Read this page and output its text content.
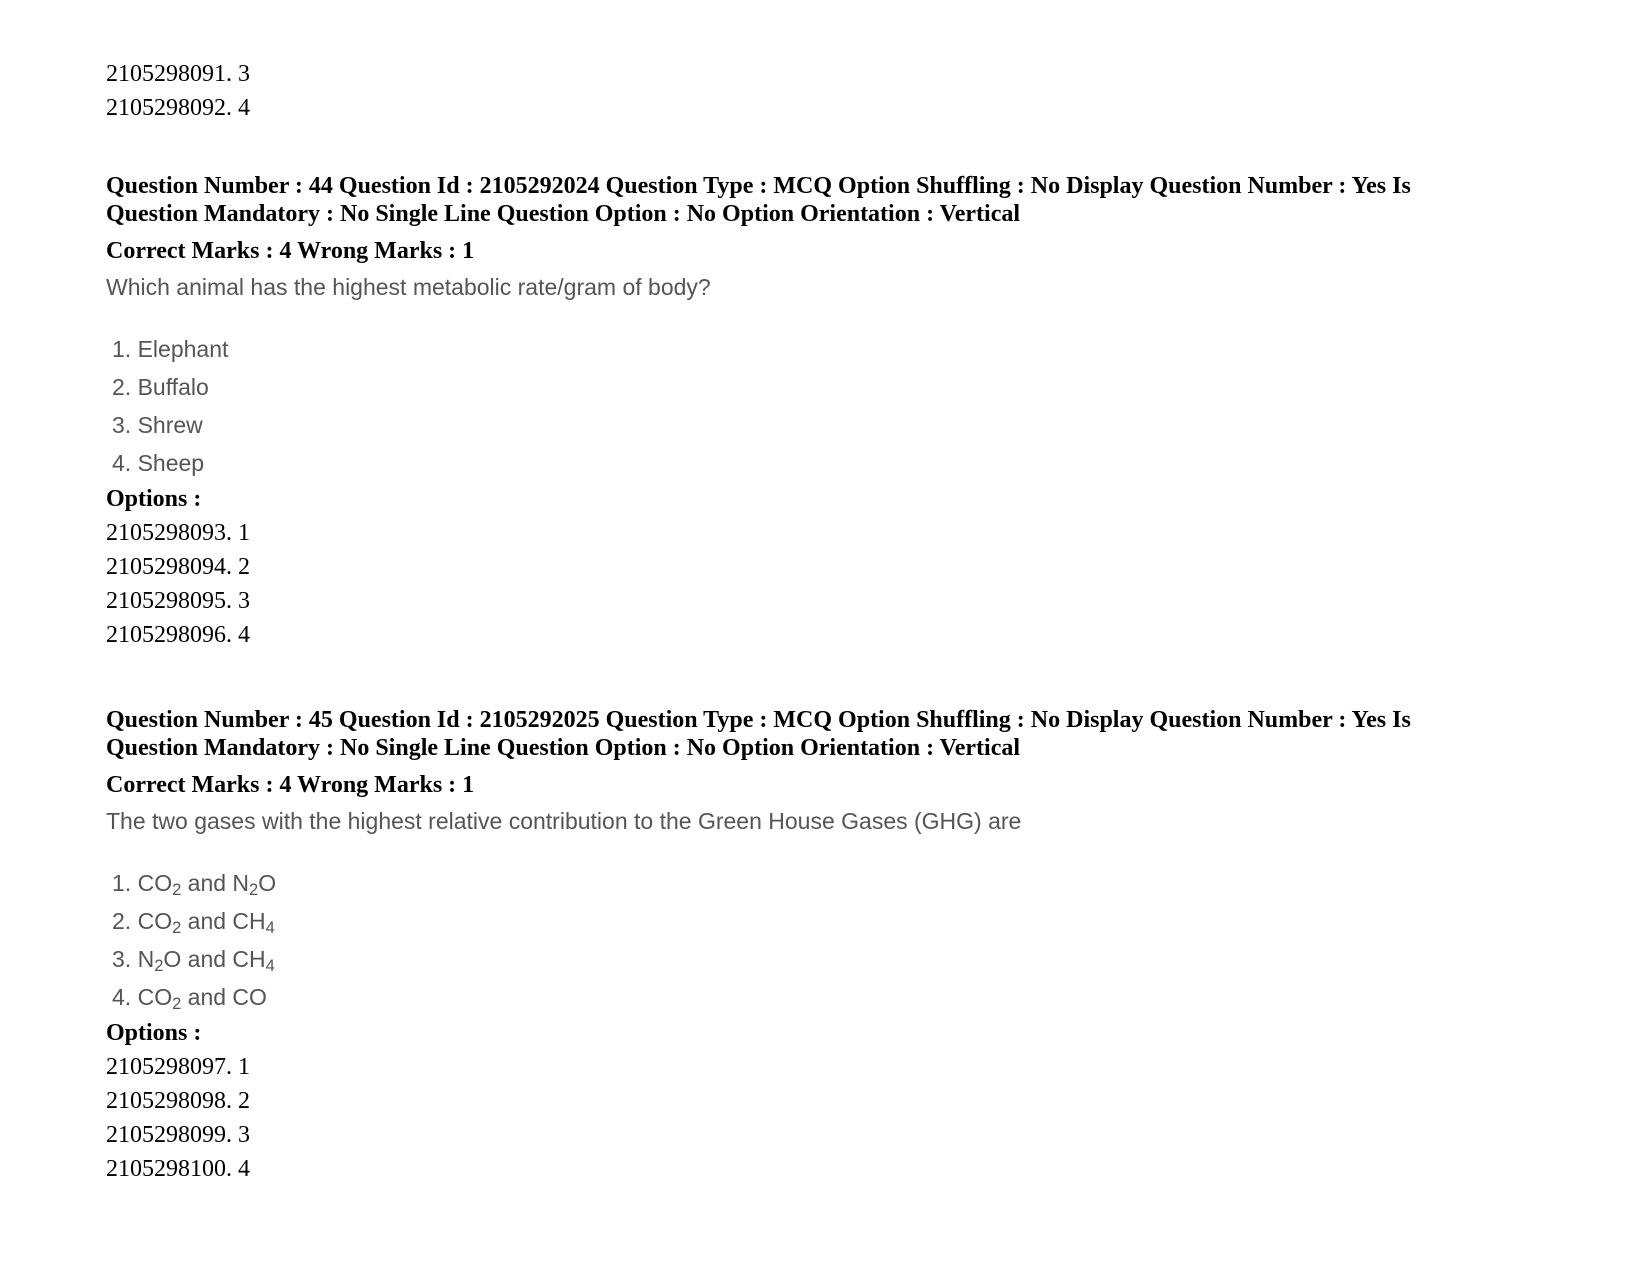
2105298091. 3
2105298092. 4
Question Number : 44 Question Id : 2105292024 Question Type : MCQ Option Shuffling : No Display Question Number : Yes Is Question Mandatory : No Single Line Question Option : No Option Orientation : Vertical
Correct Marks : 4 Wrong Marks : 1
Which animal has the highest metabolic rate/gram of body?
1. Elephant
2. Buffalo
3. Shrew
4. Sheep
Options :
2105298093. 1
2105298094. 2
2105298095. 3
2105298096. 4
Question Number : 45 Question Id : 2105292025 Question Type : MCQ Option Shuffling : No Display Question Number : Yes Is Question Mandatory : No Single Line Question Option : No Option Orientation : Vertical
Correct Marks : 4 Wrong Marks : 1
The two gases with the highest relative contribution to the Green House Gases (GHG) are
1. $CO_2$ and $N_2O$
2. $CO_2$ and $CH_4$
3. $N_2O$ and $CH_4$
4. $CO_2$ and CO
Options :
2105298097. 1
2105298098. 2
2105298099. 3
2105298100. 4
